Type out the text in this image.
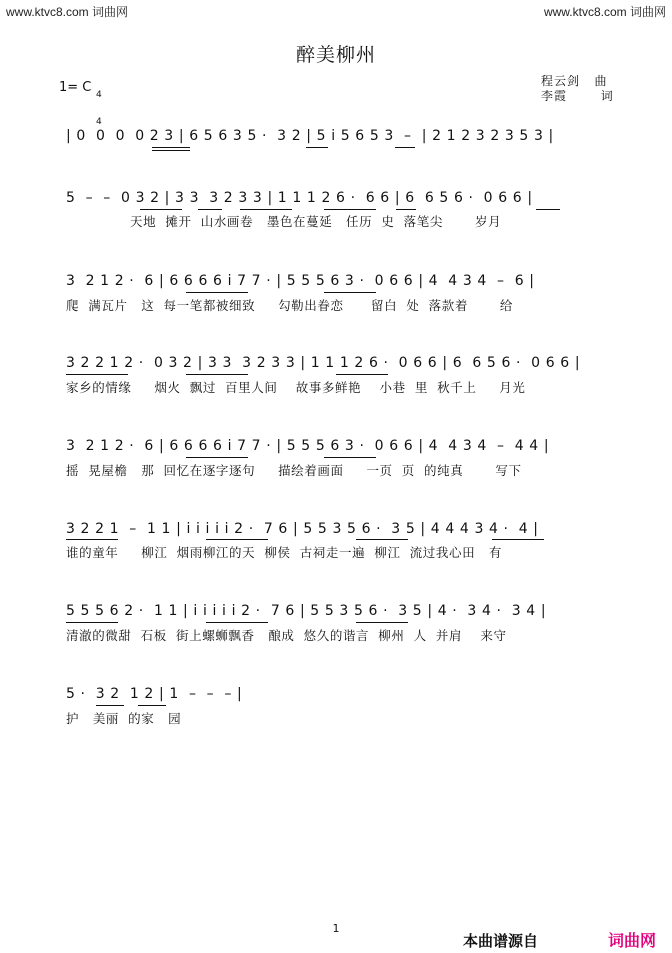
www.ktvc8.com 词曲网	www.ktvc8.com 词曲网
醉美柳州
程云剑   曲
李霞       词
1= C

4

4

| 0  0  0  0 2 3 | 6 5 6 3 5 ·  3 2 | 5 i 5 6 5 3  –  | 2 1 2 3 2 3 5 3 |
5  –  –  0 3 2 | 3 3  3 2 3 3 | 1 1 1 2 6 ·  6 6 | 6  6 5 6 ·  0 6 6 |
天地  摊开  山水画卷   墨色在蔓延   任历  史  落笔尖       岁月
3  2 1 2 ·  6 | 6 6 6 6 i 7 7 · | 5 5 5 6 3 ·  0 6 6 | 4  4 3 4  –  6 |
爬  满瓦片   这  每一笔都被细致     勾勒出眷恋      留白  处  落款着       给
3 2 2 1 2 ·  0 3 2 | 3 3  3 2 3 3 | 1 1 1 2 6 ·  0 6 6 | 6  6 5 6 ·  0 6 6 |
家乡的情缘     烟火  飘过  百里人间    故事多鲜艳    小巷  里  秋千上     月光
3  2 1 2 ·  6 | 6 6 6 6 i 7 7 · | 5 5 5 6 3 ·  0 6 6 | 4  4 3 4  –  4 4 |
摇  晃屋檐   那  回忆在逐字逐句     描绘着画面     一页  页  的纯真       写下
3 2 2 1  –  1 1 | i i i i i 2 ·  7 6 | 5 5 3 5 6 ·  3 5 | 4 4 4 3 4 ·  4 |
谁的童年     柳江  烟雨柳江的天  柳侯  古祠走一遍  柳江  流过我心田   有
5 5 5 6 2 ·  1 1 | i i i i i 2 ·  7 6 | 5 5 3 5 6 ·  3 5 | 4 ·  3 4 ·  3 4 |
清澈的微甜  石板  街上螺蛳飘香   酿成  悠久的谐言  柳州  人  并肩    来守
5 ·  3 2  1 2 | 1  –  –  – |
护   美丽  的家   园
1
本曲谱源自	词曲网
